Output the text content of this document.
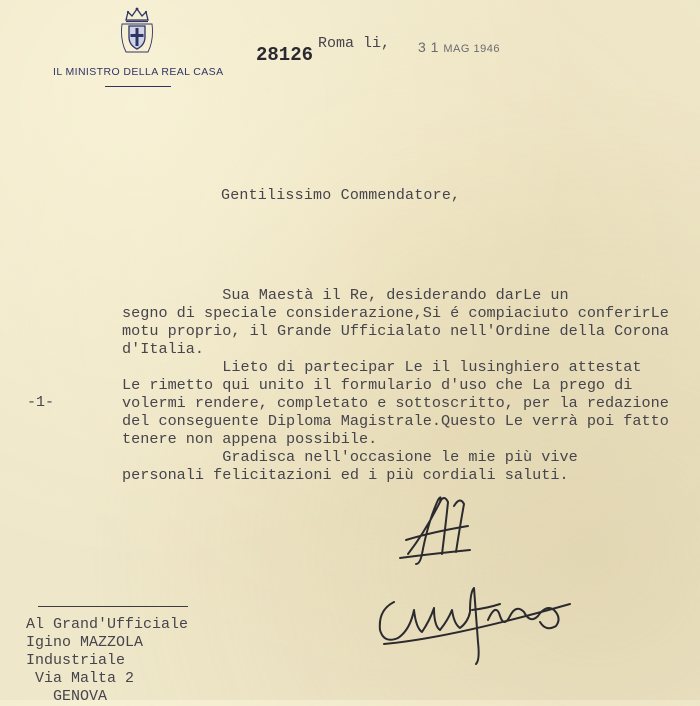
IL MINISTRO DELLA REAL CASA
28126
Roma li, 3 1 MAG 1946
Gentilissimo Commendatore,
Sua Maestà il Re, desiderando darLe un
segno di speciale considerazione,Si é compiaciuto conferirLe
motu proprio, il Grande Ufficialato nell'Ordine della Corona
d'Italia.
Lieto di partecipar Le il lusinghiero attestat
Le rimetto qui unito il formulario d'uso che La prego di
volermi rendere, completato e sottoscritto, per la redazione
del conseguente Diploma Magistrale.Questo Le verrà poi fatto
tenere non appena possibile.
Gradisca nell'occasione le mie più vive
personali felicitazioni ed i più cordiali saluti.
-1-
Al Grand'Ufficiale
Igino MAZZOLA
Industriale
Via Malta 2
GENOVA
